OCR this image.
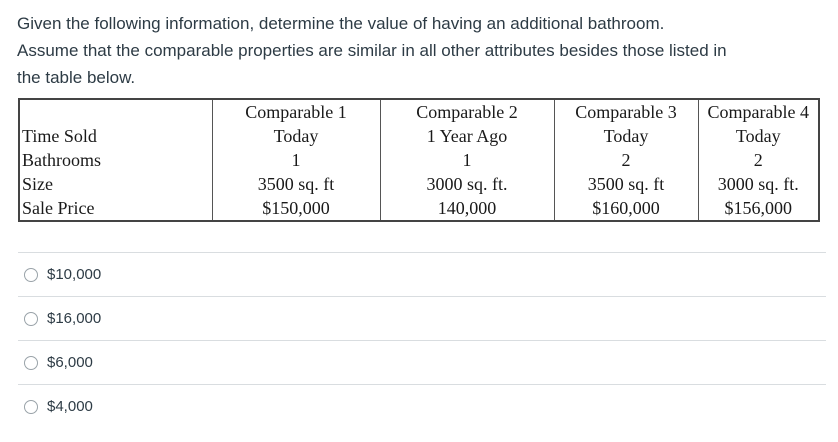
Given the following information, determine the value of having an additional bathroom.

Assume that the comparable properties are similar in all other attributes besides those listed in

the table below.

	Comparable 1	Comparable 2	Comparable 3	Comparable 4
Time Sold	Today	1 Year Ago	Today	Today
Bathrooms	1	1	2	2
Size	3500 sq. ft	3000 sq. ft.	3500 sq. ft	3000 sq. ft.
Sale Price	$150,000	140,000	$160,000	$156,000
$10,000
$16,000
$6,000
$4,000
